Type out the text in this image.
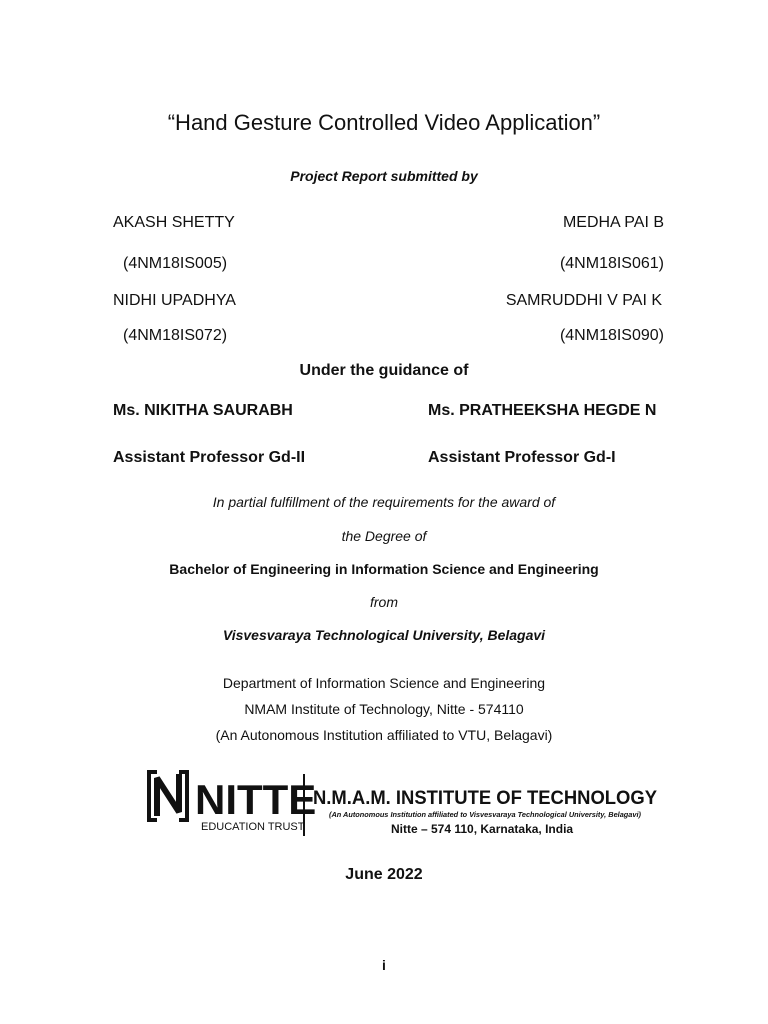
“Hand Gesture Controlled Video Application”
Project Report submitted by
AKASH SHETTY
(4NM18IS005)
MEDHA PAI B
(4NM18IS061)
NIDHI UPADHYA
(4NM18IS072)
SAMRUDDHI V PAI K
(4NM18IS090)
Under the guidance of
Ms. NIKITHA SAURABH
Assistant Professor Gd-II
Ms. PRATHEEKSHA HEGDE N
Assistant Professor Gd-I
In partial fulfillment of the requirements for the award of
the Degree of
Bachelor of Engineering in Information Science and Engineering
from
Visvesvaraya Technological University, Belagavi
Department of Information Science and Engineering
NMAM Institute of Technology, Nitte - 574110
(An Autonomous Institution affiliated to VTU, Belagavi)
NITTE
EDUCATION TRUST
N.M.A.M. INSTITUTE OF TECHNOLOGY
(An Autonomous Institution affiliated to Visvesvaraya Technological University, Belagavi)
Nitte – 574 110, Karnataka, India
June 2022
i
